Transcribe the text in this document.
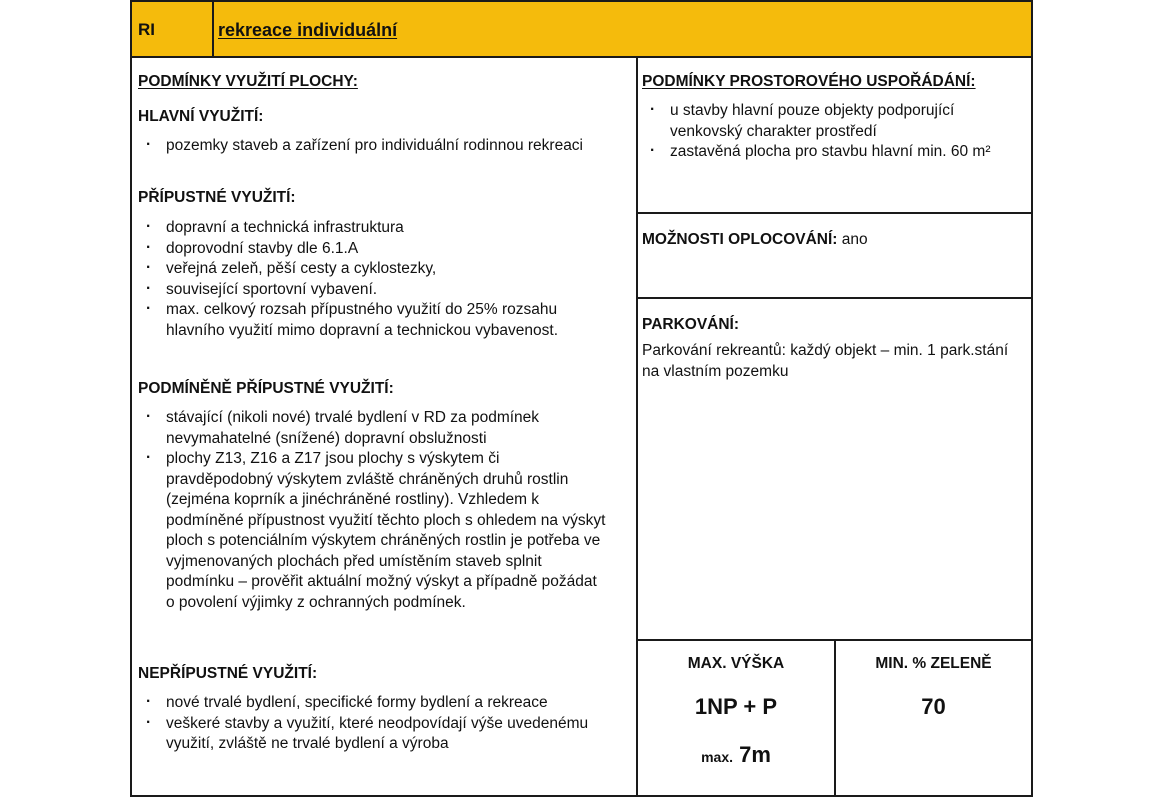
RI	rekreace individuální
PODMÍNKY VYUŽITÍ PLOCHY:
HLAVNÍ VYUŽITÍ:
· pozemky staveb a zařízení pro individuální rodinnou rekreaci
PŘÍPUSTNÉ VYUŽITÍ:
· dopravní a technická infrastruktura
· doprovodní stavby dle 6.1.A
· veřejná zeleň, pěší cesty a cyklostezky,
· související sportovní vybavení.
· max. celkový rozsah přípustného využití do 25% rozsahu hlavního využití mimo dopravní a technickou vybavenost.
PODMÍNĚNĚ PŘÍPUSTNÉ VYUŽITÍ:
· stávající (nikoli nové) trvalé bydlení v RD za podmínek nevymahatelné (snížené) dopravní obslužnosti
· plochy Z13, Z16 a Z17 jsou plochy s výskytem či pravděpodobný výskytem zvláště chráněných druhů rostlin (zejména koprník a jinéchráněné rostliny). Vzhledem k podmíněné přípustnost využití těchto ploch s ohledem na výskyt ploch s potenciálním výskytem chráněných rostlin je potřeba ve vyjmenovaných plochách před umístěním staveb splnit podmínku – prověřit aktuální možný výskyt a případně požádat o povolení výjimky z ochranných podmínek.
NEPŘÍPUSTNÉ VYUŽITÍ:
· nové trvalé bydlení, specifické formy bydlení a rekreace
· veškeré stavby a využití, které neodpovídají výše uvedenému využití, zvláště ne trvalé bydlení a výroba
PODMÍNKY PROSTOROVÉHO USPOŘÁDÁNÍ:
· u stavby hlavní pouze objekty podporující venkovský charakter prostředí
· zastavěná plocha pro stavbu hlavní min. 60 m²
MOŽNOSTI OPLOCOVÁNÍ: ano
PARKOVÁNÍ:
Parkování rekreantů: každý objekt – min. 1 park.stání na vlastním pozemku
MAX. VÝŠKA
1NP + P
max. 7m
MIN. % ZELENĚ
70
